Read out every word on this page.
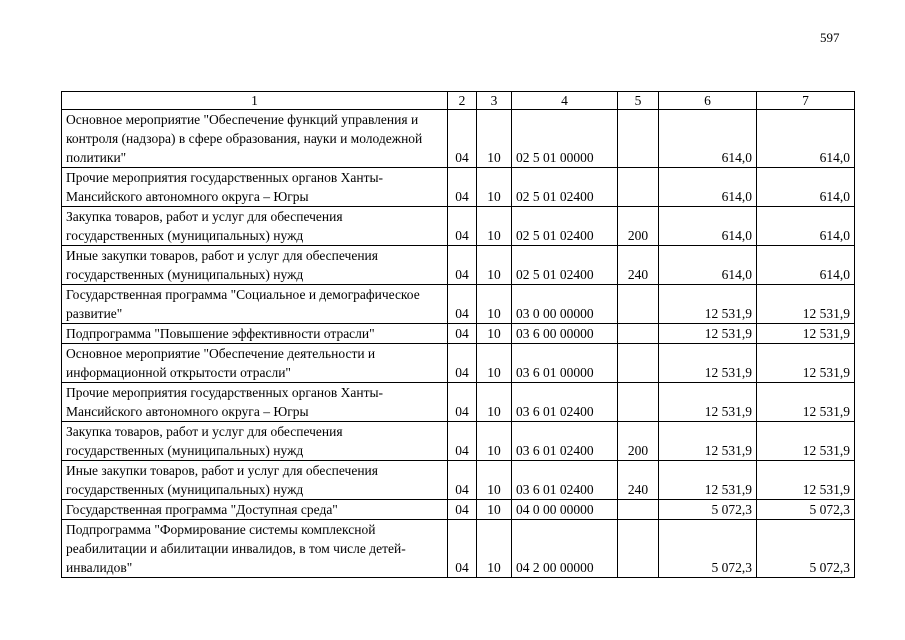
597
1	2	3	4	5	6	7
Основное мероприятие "Обеспечение функций управления и контроля (надзора) в сфере образования, науки и молодежной политики"	04	10	02 5 01 00000		614,0	614,0
Прочие мероприятия государственных органов Ханты-Мансийского автономного округа – Югры	04	10	02 5 01 02400		614,0	614,0
Закупка товаров, работ и услуг для обеспечения государственных (муниципальных) нужд	04	10	02 5 01 02400	200	614,0	614,0
Иные закупки товаров, работ и услуг для обеспечения государственных (муниципальных) нужд	04	10	02 5 01 02400	240	614,0	614,0
Государственная программа "Социальное и демографическое развитие"	04	10	03 0 00 00000		12 531,9	12 531,9
Подпрограмма "Повышение эффективности отрасли"	04	10	03 6 00 00000		12 531,9	12 531,9
Основное мероприятие "Обеспечение деятельности и информационной открытости отрасли"	04	10	03 6 01 00000		12 531,9	12 531,9
Прочие мероприятия государственных органов Ханты-Мансийского автономного округа – Югры	04	10	03 6 01 02400		12 531,9	12 531,9
Закупка товаров, работ и услуг для обеспечения государственных (муниципальных) нужд	04	10	03 6 01 02400	200	12 531,9	12 531,9
Иные закупки товаров, работ и услуг для обеспечения государственных (муниципальных) нужд	04	10	03 6 01 02400	240	12 531,9	12 531,9
Государственная программа "Доступная среда"	04	10	04 0 00 00000		5 072,3	5 072,3
Подпрограмма "Формирование системы комплексной реабилитации и абилитации инвалидов, в том числе детей-инвалидов"	04	10	04 2 00 00000		5 072,3	5 072,3
